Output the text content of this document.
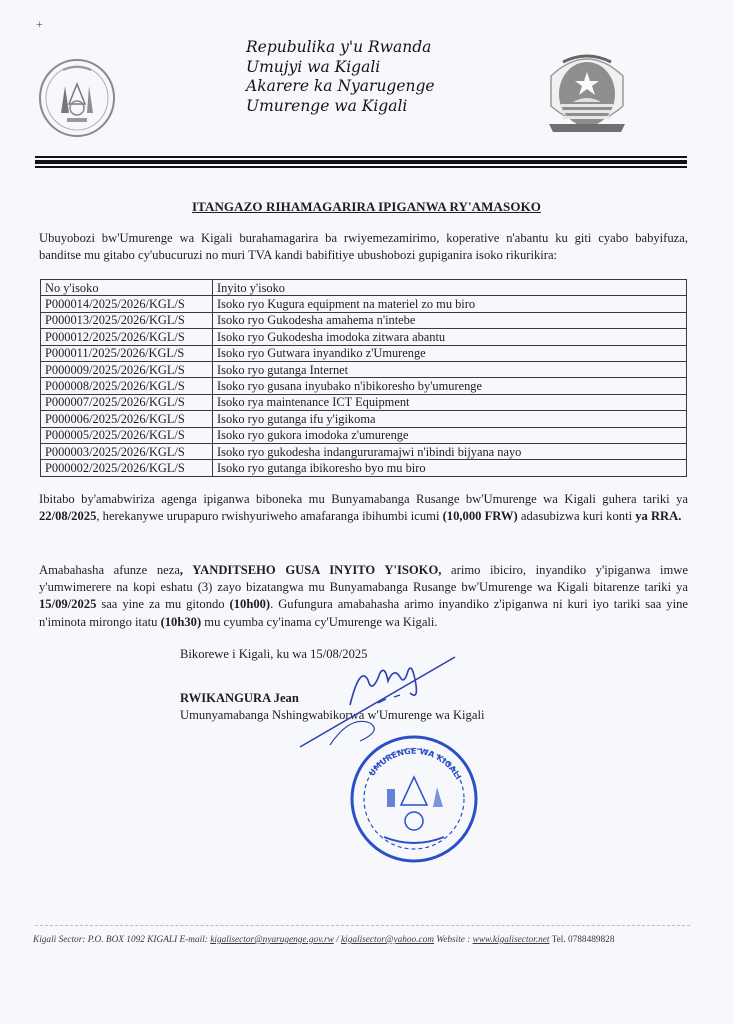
+
Repubulika y'u Rwanda
Umujyi wa Kigali
Akarere ka Nyarugenge
Umurenge wa Kigali
ITANGAZO RIHAMAGARIRA IPIGANWA RY'AMASOKO
Ubuyobozi bw'Umurenge wa Kigali burahamagarira ba rwiyemezamirimo, koperative n'abantu ku giti cyabo babyifuza, banditse mu gitabo cy'ubucuruzi no muri TVA kandi babifitiye ubushobozi gupiganira isoko rikurikira:
No y'isoko	Inyito y'isoko
P000014/2025/2026/KGL/S	Isoko ryo Kugura equipment na materiel zo mu biro
P000013/2025/2026/KGL/S	Isoko ryo Gukodesha amahema n'intebe
P000012/2025/2026/KGL/S	Isoko ryo Gukodesha imodoka zitwara abantu
P000011/2025/2026/KGL/S	Isoko ryo Gutwara inyandiko z'Umurenge
P000009/2025/2026/KGL/S	Isoko ryo gutanga Internet
P000008/2025/2026/KGL/S	Isoko ryo gusana inyubako n'ibikoresho by'umurenge
P000007/2025/2026/KGL/S	Isoko rya maintenance ICT Equipment
P000006/2025/2026/KGL/S	Isoko ryo gutanga ifu y'igikoma
P000005/2025/2026/KGL/S	Isoko ryo gukora imodoka z'umurenge
P000003/2025/2026/KGL/S	Isoko ryo gukodesha indangururamajwi n'ibindi bijyana nayo
P000002/2025/2026/KGL/S	Isoko ryo gutanga ibikoresho byo mu biro
Ibitabo by'amabwiriza agenga ipiganwa biboneka mu Bunyamabanga Rusange bw'Umurenge wa Kigali guhera tariki ya 22/08/2025, herekanywe urupapuro rwishyuriweho amafaranga ibihumbi icumi (10,000 FRW) adasubizwa kuri konti ya RRA.
Amabahasha afunze neza, YANDITSEHO GUSA INYITO Y'ISOKO, arimo ibiciro, inyandiko y'ipiganwa imwe y'umwimerere na kopi eshatu (3) zayo bizatangwa mu Bunyamabanga Rusange bw'Umurenge wa Kigali bitarenze tariki ya 15/09/2025 saa yine za mu gitondo (10h00). Gufungura amabahasha arimo inyandiko z'ipiganwa ni kuri iyo tariki saa yine n'iminota mirongo itatu (10h30) mu cyumba cy'inama cy'Umurenge wa Kigali.
Bikorewe i Kigali, ku wa 15/08/2025
RWIKANGURA Jean
Umunyamabanga Nshingwabikorwa w'Umurenge wa Kigali
UMURENGE WA KIGALI
Kigali Sector: P.O. BOX 1092 KIGALI E-mail: kigalisector@nyarugenge.gov.rw / kigalisector@yahoo.com Website : www.kigalisector.net Tel. 0788489828
